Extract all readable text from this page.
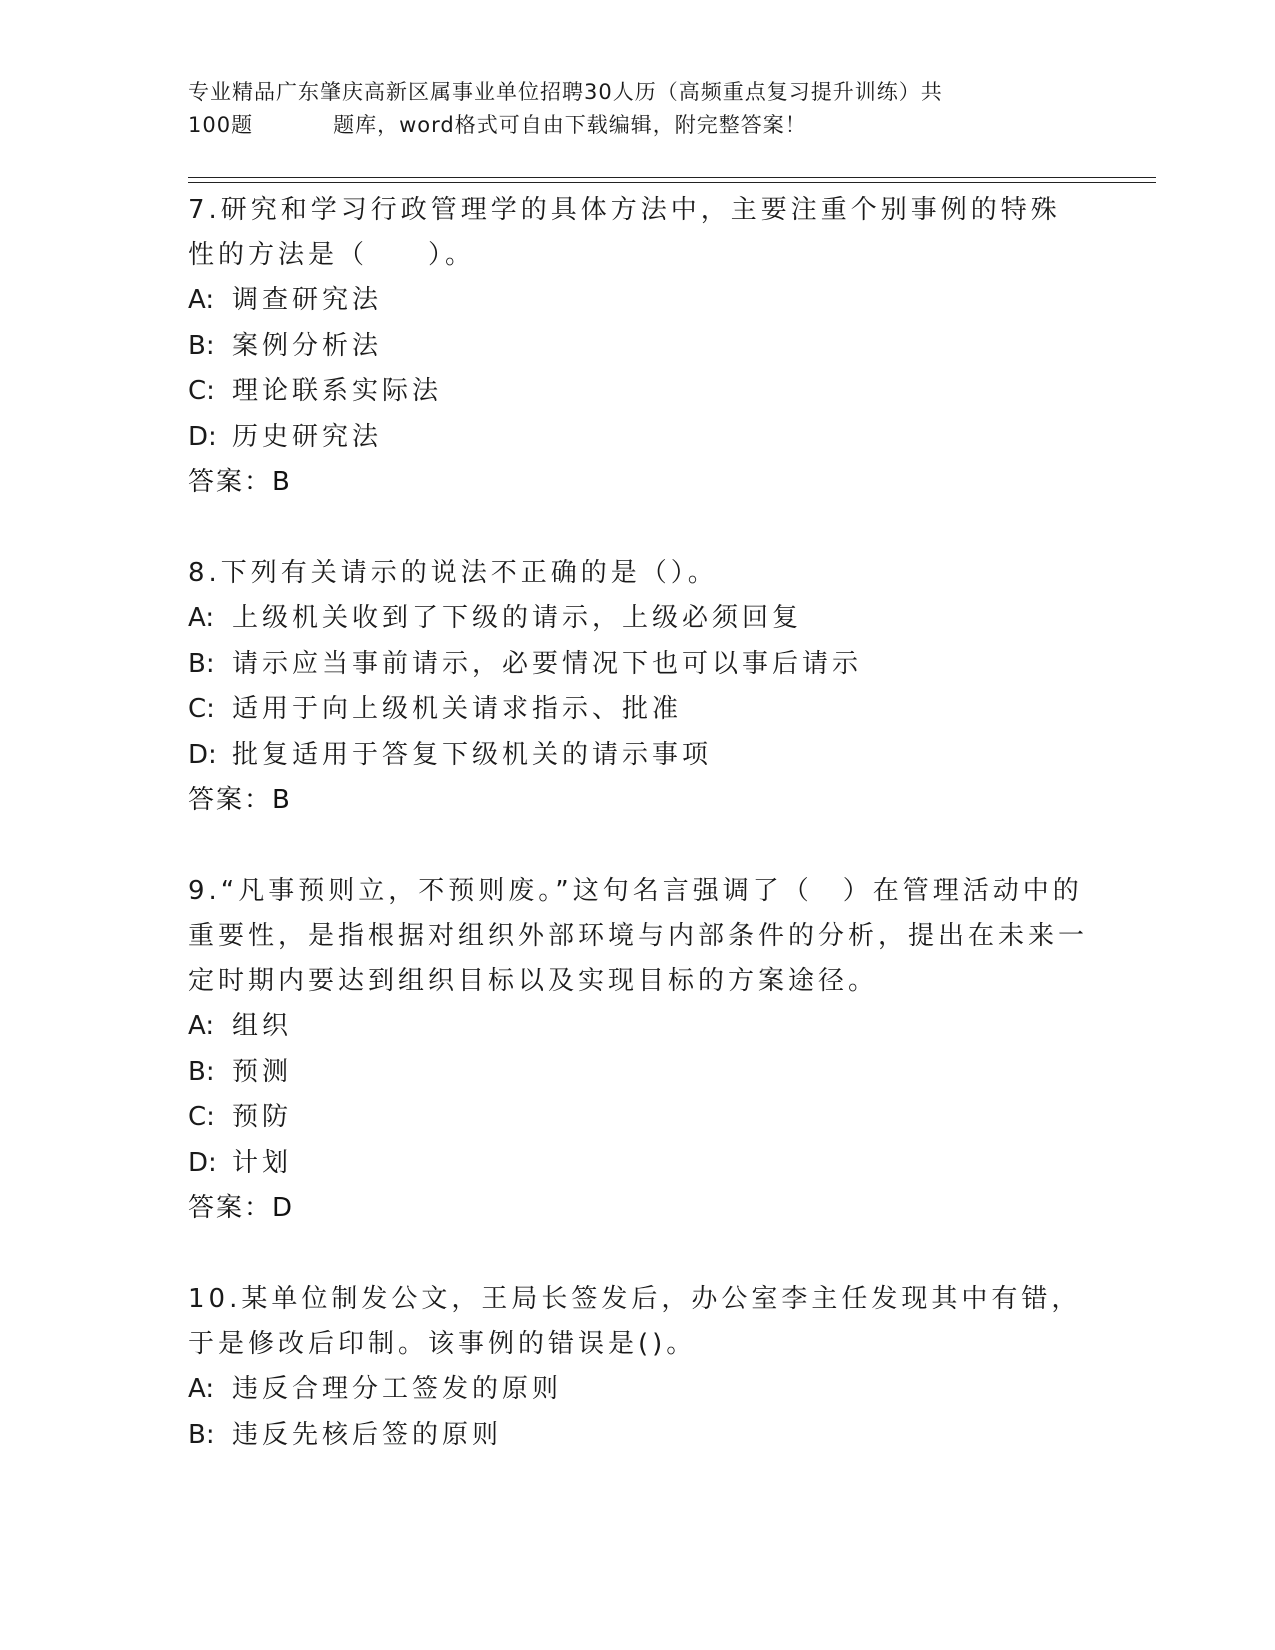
专业精品广东肇庆高新区属事业单位招聘30人历（高频重点复习提升训练）共
100题	题库，word格式可自由下载编辑，附完整答案！

7.研究和学习行政管理学的具体方法中，主要注重个别事例的特殊性的方法是（　　）。

A: 调查研究法

B: 案例分析法

C: 理论联系实际法

D: 历史研究法

答案：B

8.下列有关请示的说法不正确的是（）。

A: 上级机关收到了下级的请示，上级必须回复

B: 请示应当事前请示，必要情况下也可以事后请示

C: 适用于向上级机关请求指示、批准

D: 批复适用于答复下级机关的请示事项

答案：B

9.“凡事预则立，不预则废。”这句名言强调了（　）在管理活动中的重要性，是指根据对组织外部环境与内部条件的分析，提出在未来一定时期内要达到组织目标以及实现目标的方案途径。

A: 组织

B: 预测

C: 预防

D: 计划

答案：D

10.某单位制发公文，王局长签发后，办公室李主任发现其中有错，于是修改后印制。该事例的错误是()。

A: 违反合理分工签发的原则

B: 违反先核后签的原则
